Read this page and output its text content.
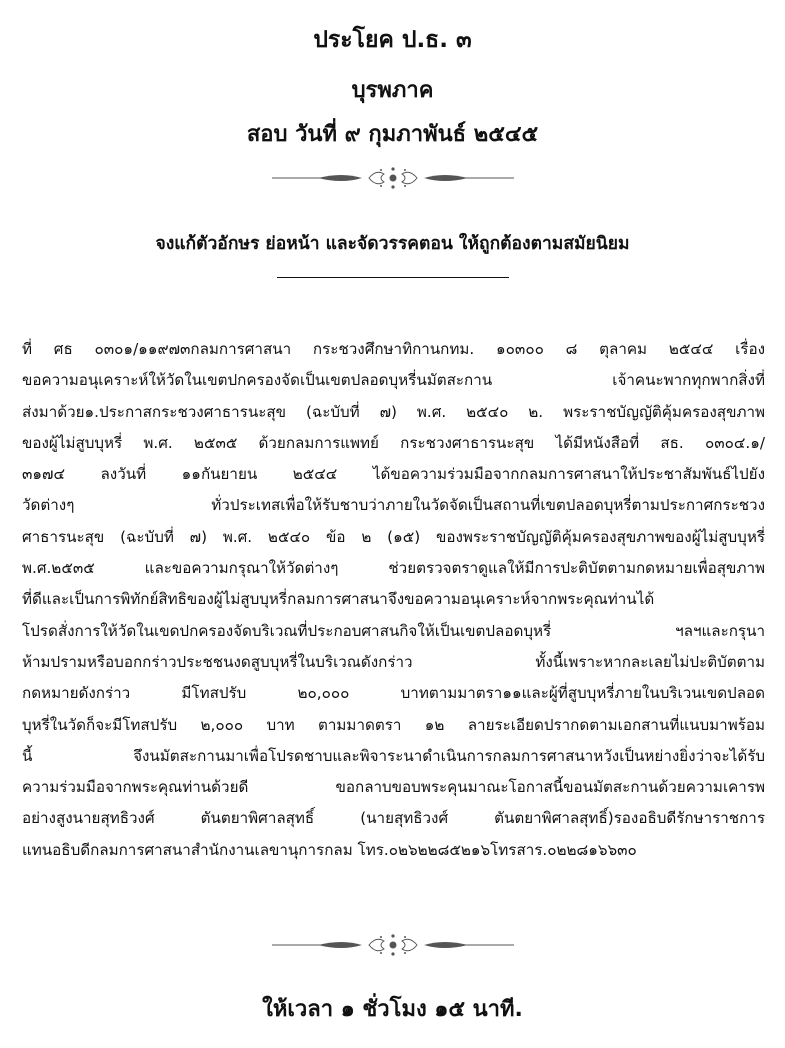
ประโยค ป.ธ. ๓
บุรพภาค
สอบ วันที่ ๙ กุมภาพันธ์ ๒๕๔๕
จงแก้ตัวอักษร ย่อหน้า และจัดวรรคตอน ให้ถูกต้องตามสมัยนิยม
ที่ ศธ ๐๓๐๑/๑๑๙๗๓กลมการศาสนา กระชวงศึกษาทิกานกทม. ๑๐๓๐๐ ๘ ตุลาคม ๒๕๔๔ เรื่อง
ขอความอนุเคราะห์ให้วัดในเขตปกครองจัดเป็นเขตปลอดบุหรี่นมัตสะกาน เจ้าคนะพากทุกพากสิ่งที่
ส่งมาด้วย๑.ประกาสกระชวงศาธารนะสุข (ฉะบับที่ ๗) พ.ศ. ๒๕๔๐ ๒. พระราชบัญญัติคุ้มครองสุขภาพ
ของผู้ไม่สูบบุหรี่ พ.ศ. ๒๕๓๕ ด้วยกลมการแพทย์ กระชวงศาธารนะสุข ได้มีหนังสือที่ สธ. ๐๓๐๔.๑/
๓๑๗๔ ลงวันที่ ๑๑กันยายน ๒๕๔๔ ได้ขอความร่วมมือจากกลมการศาสนาให้ประชาสัมพันธ์ไปยัง
วัดต่างๆ ทั่วประเทสเพื่อให้รับชาบว่าภายในวัดจัดเป็นสถานที่เขตปลอดบุหรี่ตามประกาศกระชวง
ศาธารนะสุข (ฉะบับที่ ๗) พ.ศ. ๒๕๔๐ ข้อ ๒ (๑๕) ของพระราชบัญญัติคุ้มครองสุขภาพของผู้ไม่สูบบุหรี่
พ.ศ.๒๕๓๕ และขอความกรุณาให้วัดต่างๆ ช่วยตรวจตราดูแลให้มีการปะติบัตตามกดหมายเพื่อสุขภาพ
ที่ดีและเป็นการพิทักย์สิทธิของผู้ไม่สูบบุหรี่กลมการศาสนาจึงขอความอนุเคราะห์จากพระคุณท่านได้
โปรดสั่งการให้วัดในเขดปกครองจัดบริเวณที่ประกอบศาสนกิจให้เป็นเขตปลอดบุหรี่ ฯลฯและกรุนา
ห้ามปรามหรือบอกกร่าวประชชนงดสูบบุหรี่ในบริเวณดังกร่าว ทั้งนี้เพราะหากละเลยไม่ปะติบัตตาม
กดหมายดังกร่าว มีโทสปรับ ๒๐,๐๐๐ บาทตามมาตรา๑๑และผู้ที่สูบบุหรี่ภายในบริเวนเขดปลอด
บุหรี่ในวัดก็จะมีโทสปรับ ๒,๐๐๐ บาท ตามมาดตรา ๑๒ ลายระเอียดปรากดตามเอกสานที่แนบมาพร้อม
นี้ จึงนมัตสะกานมาเพื่อโปรดชาบและพิจาระนาดำเนินการกลมการศาสนาหวังเป็นหย่างยิ่งว่าจะได้รับ
ความร่วมมือจากพระคุณท่านด้วยดี ขอกลาบขอบพระคุนมาณะโอกาสนี้ขอนมัตสะกานด้วยความเคารพ
อย่างสูงนายสุทธิวงศ์ ตันตยาพิศาลสุทธิ์ (นายสุทธิวงศ์ ตันตยาพิศาลสุทธิ์)รองอธิบดีรักษาราชการ
แทนอธิบดีกลมการศาสนาสำนักงานเลขานุการกลม โทร.๐๒๖๒๒๘๕๒๑๖โทรสาร.๐๒๒๘๑๖๖๓๐
ให้เวลา ๑ ชั่วโมง ๑๕ นาที.
